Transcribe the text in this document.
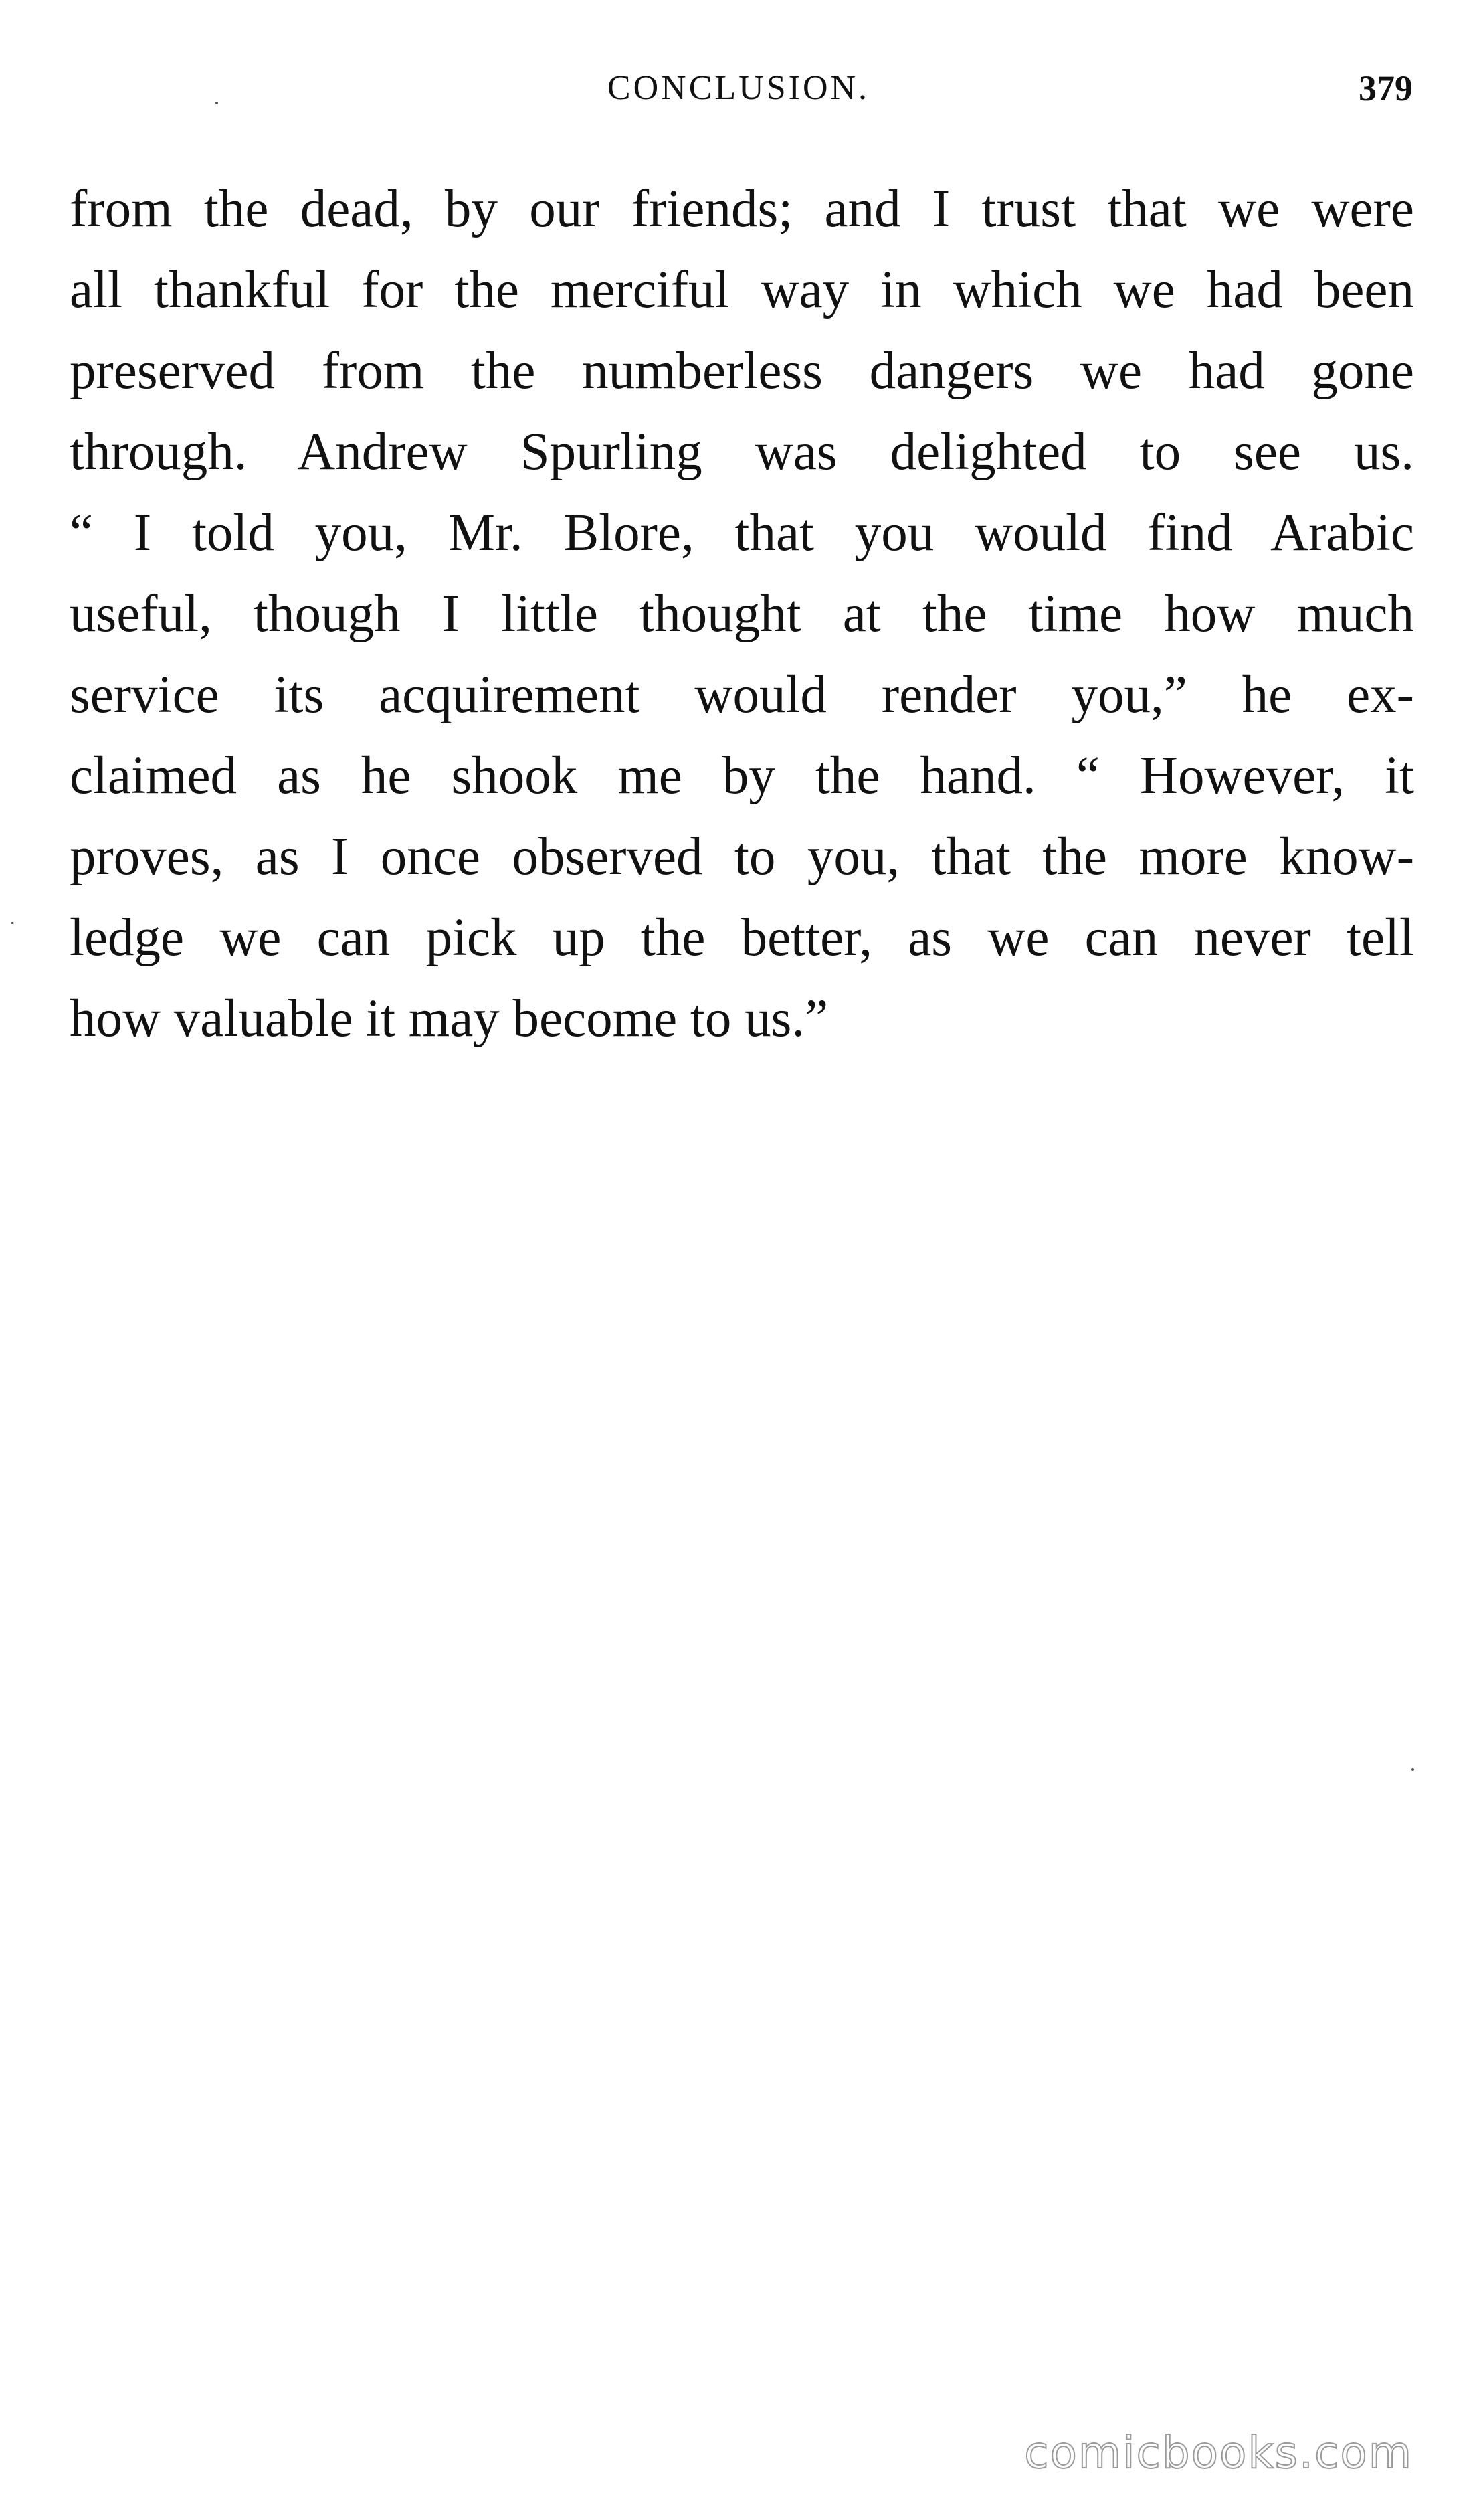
CONCLUSION.	379
from the dead, by our friends; and I trust that we were
all thankful for the merciful way in which we had been
preserved from the numberless dangers we had gone
through. Andrew Spurling was delighted to see us.
“ I told you, Mr. Blore, that you would find Arabic
useful, though I little thought at the time how much
service its acquirement would render you,” he ex-
claimed as he shook me by the hand. “ However, it
proves, as I once observed to you, that the more know-
ledge we can pick up the better, as we can never tell
how valuable it may become to us.”
comicbooks.com
